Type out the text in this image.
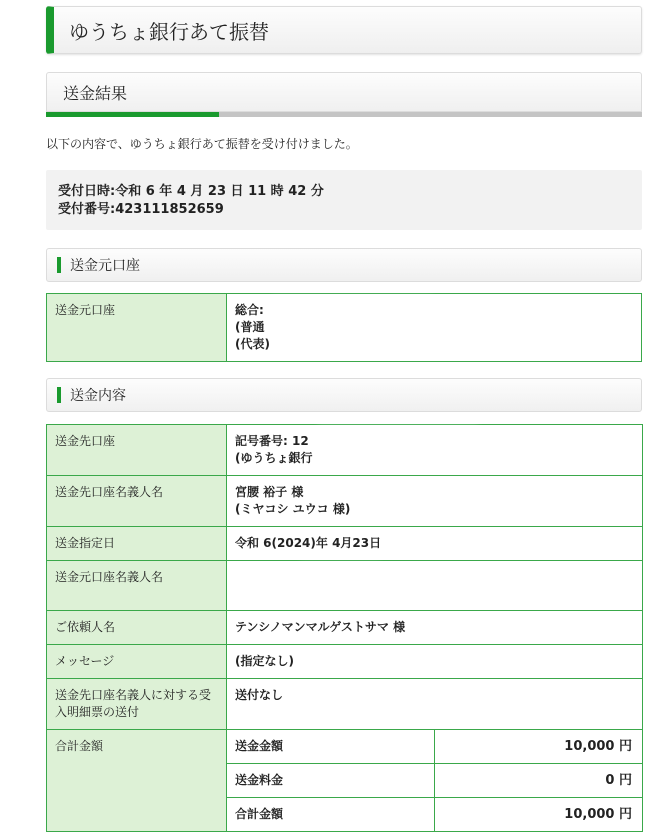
ゆうちょ銀行あて振替
送金結果
以下の内容で、ゆうちょ銀行あて振替を受け付けました。
受付日時:令和 6 年 4 月 23 日 11 時 42 分
受付番号:423111852659
送金元口座
送金元口座	総合:
(普通
(代表)
送金内容
送金先口座	記号番号: 12
(ゆうちょ銀行	

送金先口座名義人名	宮腰 裕子 様
(ミヤコシ ユウコ 様)	

送金指定日	令和 6(2024)年 4月23日	

送金元口座名義人名		

ご依頼人名	テンシノマンマルゲストサマ 様	

メッセージ	(指定なし)	

送金先口座名義人に対する受入明細票の送付	送付なし	

合計金額	送金金額	10,000 円
	送金料金	0 円
	合計金額	10,000 円
